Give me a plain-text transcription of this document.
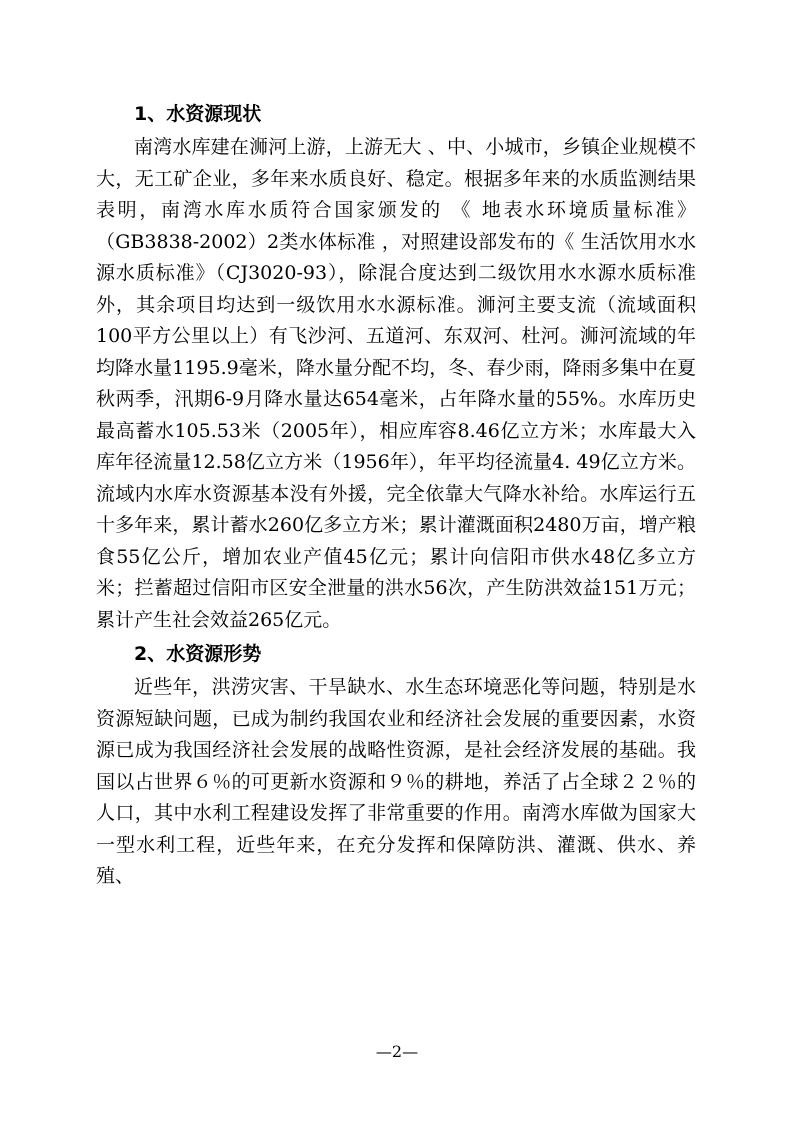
1、水资源现状

南湾水库建在浉河上游，上游无大 、中、小城市，乡镇企业规模不大，无工矿企业，多年来水质良好、稳定。根据多年来的水质监测结果表明，南湾水库水质符合国家颁发的 《 地表水环境质量标准》（GB3838-2002）2类水体标准 ，对照建设部发布的《 生活饮用水水源水质标准》（CJ3020-93），除混合度达到二级饮用水水源水质标准外，其余项目均达到一级饮用水水源标准。浉河主要支流（流域面积100平方公里以上）有飞沙河、五道河、东双河、杜河。浉河流域的年均降水量1195.9毫米，降水量分配不均，冬、春少雨，降雨多集中在夏秋两季，汛期6-9月降水量达654毫米，占年降水量的55%。水库历史最高蓄水105.53米（2005年），相应库容8.46亿立方米；水库最大入库年径流量12.58亿立方米（1956年），年平均径流量4. 49亿立方米。流域内水库水资源基本没有外援，完全依靠大气降水补给。水库运行五十多年来，累计蓄水260亿多立方米；累计灌溉面积2480万亩，增产粮食55亿公斤，增加农业产值45亿元；累计向信阳市供水48亿多立方米；拦蓄超过信阳市区安全泄量的洪水56次，产生防洪效益151万元；累计产生社会效益265亿元。

2、水资源形势

近些年，洪涝灾害、干旱缺水、水生态环境恶化等问题，特别是水资源短缺问题，已成为制约我国农业和经济社会发展的重要因素，水资源已成为我国经济社会发展的战略性资源，是社会经济发展的基础。我国以占世界６％的可更新水资源和９％的耕地，养活了占全球２２％的人口，其中水利工程建设发挥了非常重要的作用。南湾水库做为国家大一型水利工程，近些年来，在充分发挥和保障防洪、灌溉、供水、养殖、

—2—
